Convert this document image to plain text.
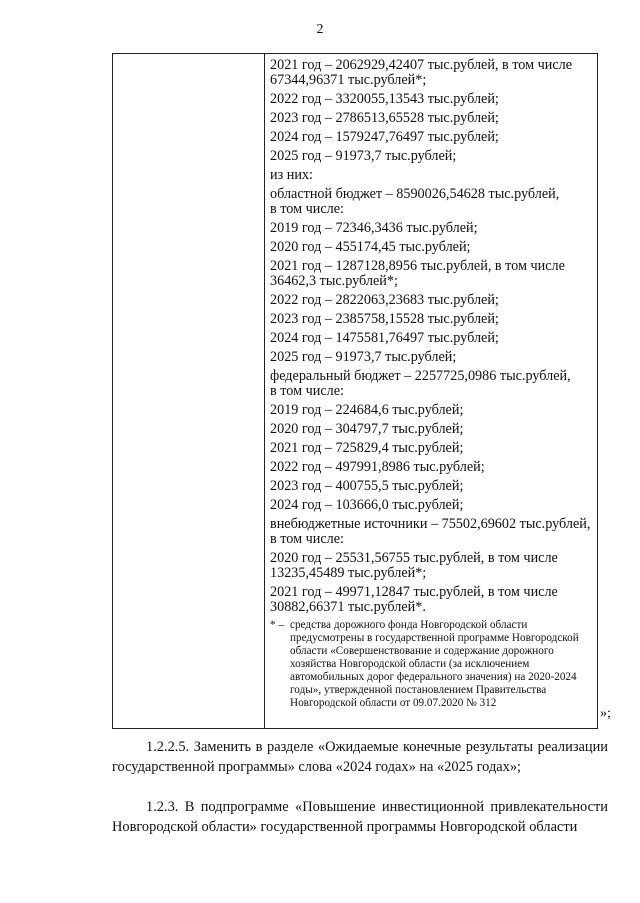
2
2021 год – 2062929,42407 тыс.рублей, в том числе 67344,96371 тыс.рублей*;
2022 год – 3320055,13543 тыс.рублей;
2023 год – 2786513,65528 тыс.рублей;
2024 год – 1579247,76497 тыс.рублей;
2025 год – 91973,7 тыс.рублей;
из них:
областной бюджет – 8590026,54628 тыс.рублей,
в том числе:
2019 год – 72346,3436 тыс.рублей;
2020 год – 455174,45 тыс.рублей;
2021 год – 1287128,8956 тыс.рублей, в том числе 36462,3 тыс.рублей*;
2022 год – 2822063,23683 тыс.рублей;
2023 год – 2385758,15528 тыс.рублей;
2024 год – 1475581,76497 тыс.рублей;
2025 год – 91973,7 тыс.рублей;
федеральный бюджет – 2257725,0986 тыс.рублей,
в том числе:
2019 год – 224684,6 тыс.рублей;
2020 год – 304797,7 тыс.рублей;
2021 год – 725829,4 тыс.рублей;
2022 год – 497991,8986 тыс.рублей;
2023 год – 400755,5 тыс.рублей;
2024 год – 103666,0 тыс.рублей;
внебюджетные источники – 75502,69602 тыс.рублей,
в том числе:
2020 год – 25531,56755 тыс.рублей, в том числе 13235,45489 тыс.рублей*;
2021 год – 49971,12847 тыс.рублей, в том числе 30882,66371 тыс.рублей*.
* – средства дорожного фонда Новгородской области предусмотрены в государственной программе Новгородской области «Совершенствование и содержание дорожного хозяйства Новгородской области (за исключением автомобильных дорог федерального значения) на 2020-2024 годы», утвержденной постановлением Правительства Новгородской области от 09.07.2020 № 312
»;
1.2.2.5. Заменить в разделе «Ожидаемые конечные результаты реализации государственной программы» слова «2024 годах» на «2025 годах»;
1.2.3. В подпрограмме «Повышение инвестиционной привлекательности Новгородской области» государственной программы Новгородской области
